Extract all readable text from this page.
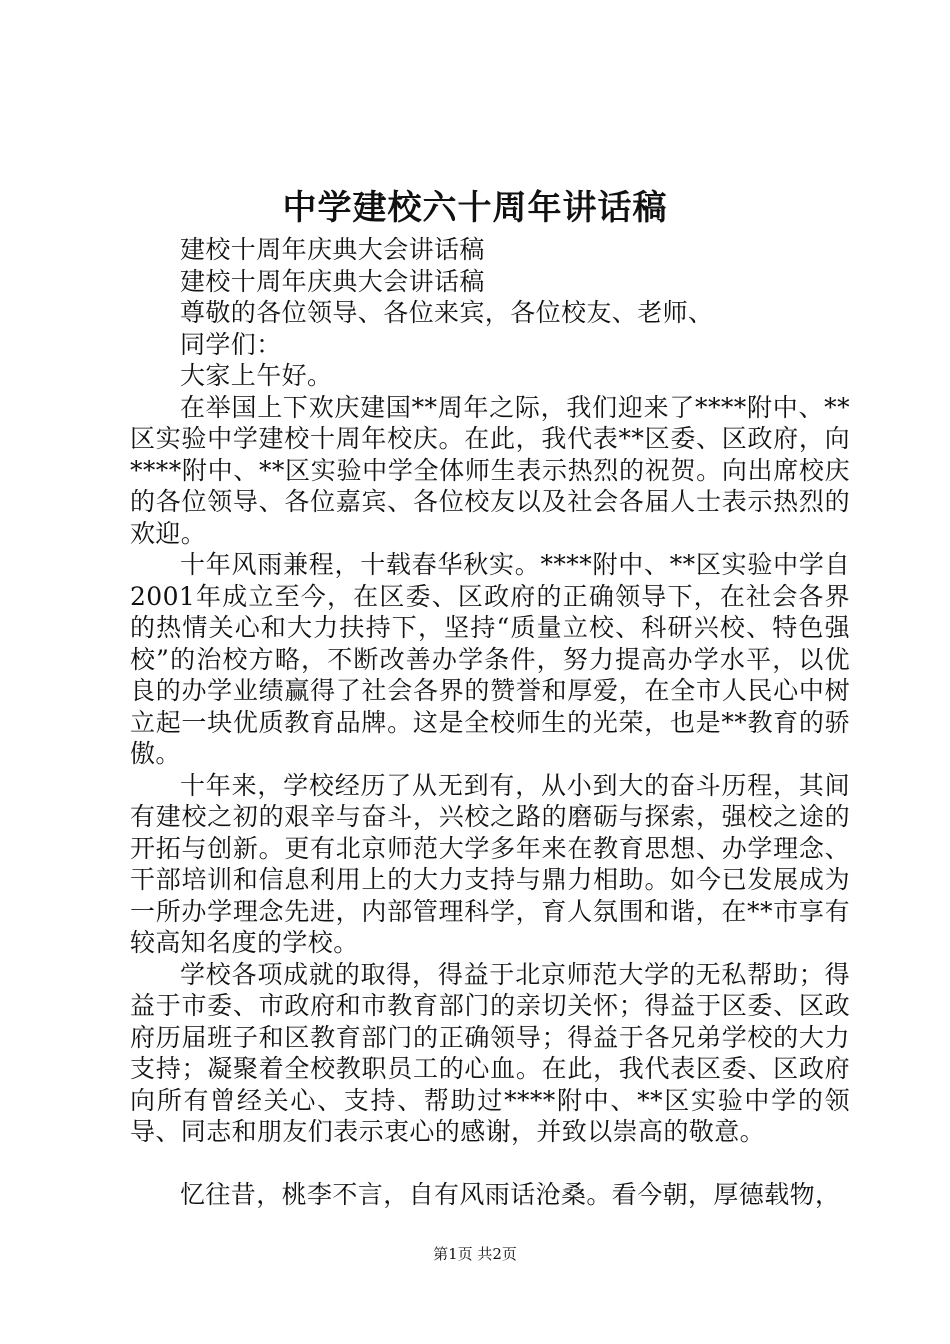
中学建校六十周年讲话稿

建校十周年庆典大会讲话稿

建校十周年庆典大会讲话稿

尊敬的各位领导、各位来宾，各位校友、老师、

同学们：

大家上午好。

在举国上下欢庆建国**周年之际，我们迎来了****附中、**区实验中学建校十周年校庆。在此，我代表**区委、区政府，向****附中、**区实验中学全体师生表示热烈的祝贺。向出席校庆的各位领导、各位嘉宾、各位校友以及社会各届人士表示热烈的欢迎。

十年风雨兼程，十载春华秋实。****附中、**区实验中学自2001年成立至今，在区委、区政府的正确领导下，在社会各界的热情关心和大力扶持下，坚持“质量立校、科研兴校、特色强校”的治校方略，不断改善办学条件，努力提高办学水平，以优良的办学业绩赢得了社会各界的赞誉和厚爱，在全市人民心中树立起一块优质教育品牌。这是全校师生的光荣，也是**教育的骄傲。

十年来，学校经历了从无到有，从小到大的奋斗历程，其间有建校之初的艰辛与奋斗，兴校之路的磨砺与探索，强校之途的开拓与创新。更有北京师范大学多年来在教育思想、办学理念、干部培训和信息利用上的大力支持与鼎力相助。如今已发展成为一所办学理念先进，内部管理科学，育人氛围和谐，在**市享有较高知名度的学校。

学校各项成就的取得，得益于北京师范大学的无私帮助；得益于市委、市政府和市教育部门的亲切关怀；得益于区委、区政府历届班子和区教育部门的正确领导；得益于各兄弟学校的大力支持；凝聚着全校教职员工的心血。在此，我代表区委、区政府向所有曾经关心、支持、帮助过****附中、**区实验中学的领导、同志和朋友们表示衷心的感谢，并致以崇高的敬意。

忆往昔，桃李不言，自有风雨话沧桑。看今朝，厚德载物，

第1页 共2页
